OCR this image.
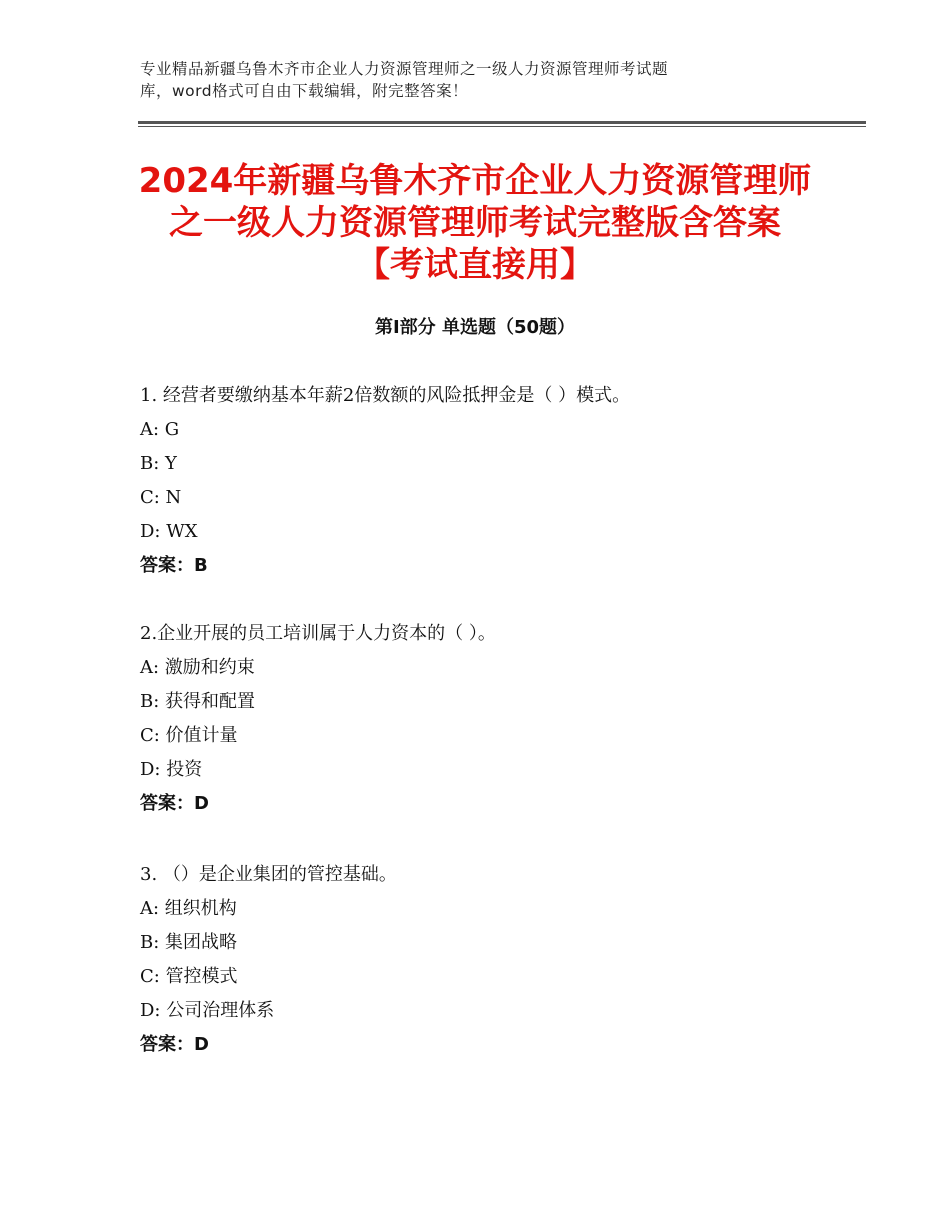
专业精品新疆乌鲁木齐市企业人力资源管理师之一级人力资源管理师考试题
库，word格式可自由下载编辑，附完整答案！
2024年新疆乌鲁木齐市企业人力资源管理师
之一级人力资源管理师考试完整版含答案
【考试直接用】
第Ⅰ部分 单选题（50题）
1. 经营者要缴纳基本年薪2倍数额的风险抵押金是（ ）模式。
A: G
B: Y
C: N
D: WX
答案：B
2.企业开展的员工培训属于人力资本的（ ）。
A: 激励和约束
B: 获得和配置
C: 价值计量
D: 投资
答案：D
3. （）是企业集团的管控基础。
A: 组织机构
B: 集团战略
C: 管控模式
D: 公司治理体系
答案：D
